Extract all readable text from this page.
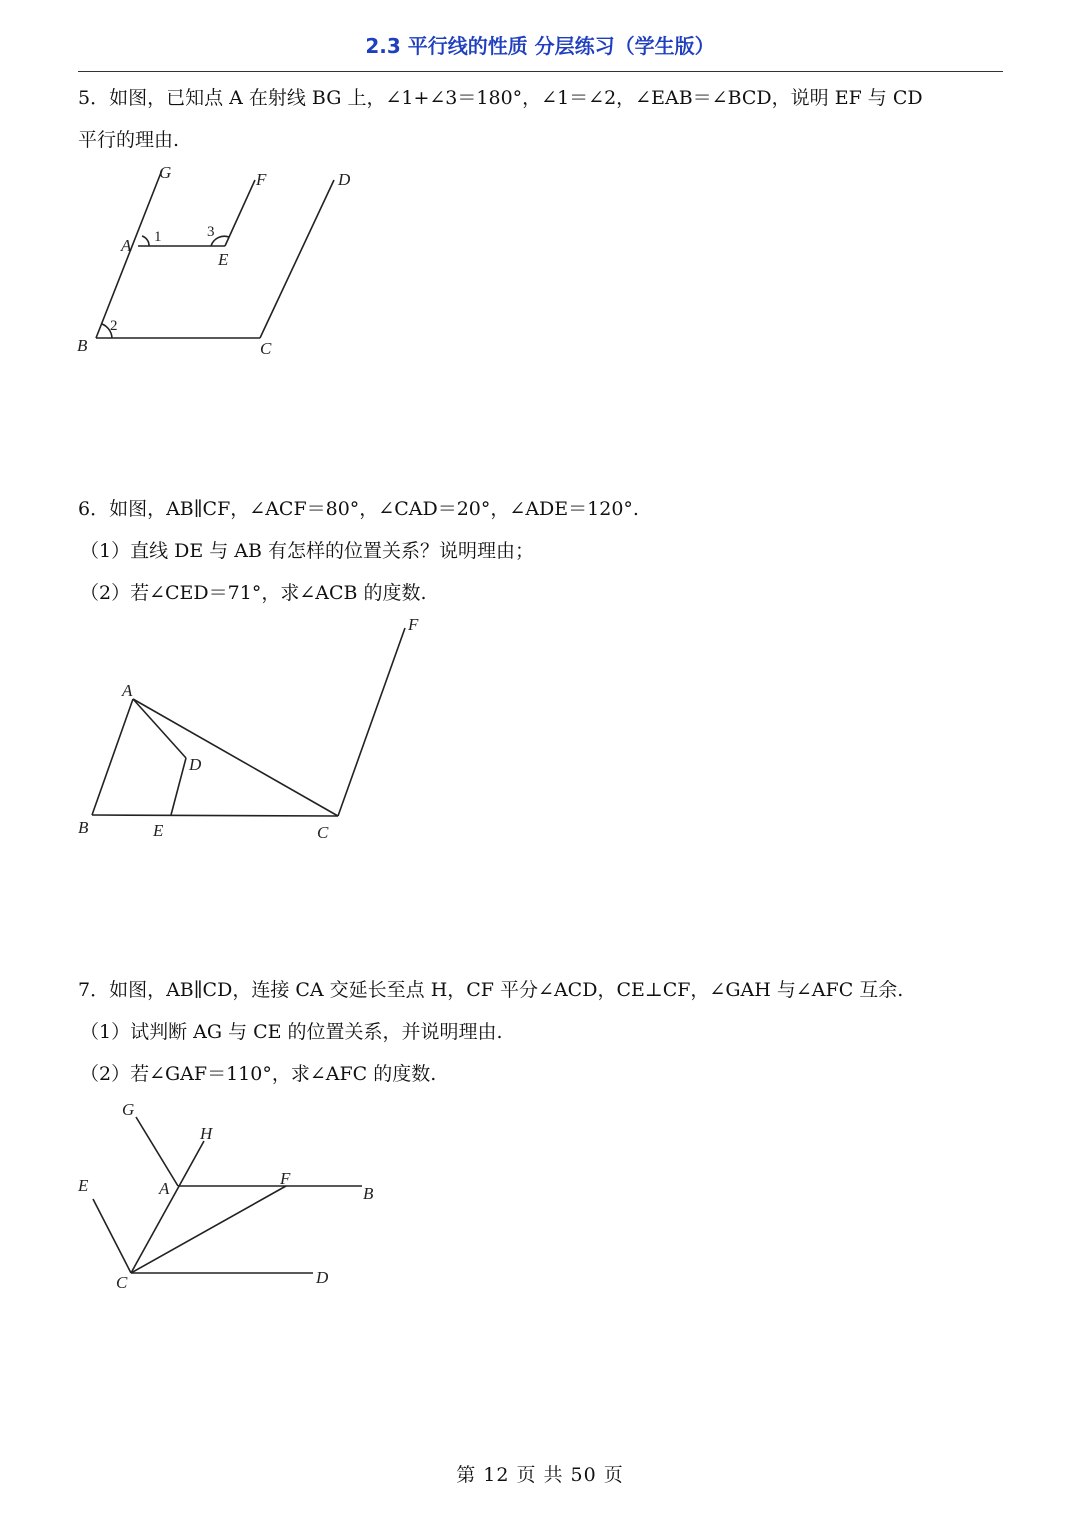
2.3 平行线的性质 分层练习（学生版）
5．如图，已知点 A 在射线 BG 上，∠1+∠3＝180°，∠1＝∠2，∠EAB＝∠BCD，说明 EF 与 CD
平行的理由.
G	F	D
A
E
B	C
1	3
2
6．如图，AB∥CF，∠ACF＝80°，∠CAD＝20°，∠ADE＝120°.
（1）直线 DE 与 AB 有怎样的位置关系？说明理由；
（2）若∠CED＝71°，求∠ACB 的度数.
F
A
D
B	E	C
7．如图，AB∥CD，连接 CA 交延长至点 H，CF 平分∠ACD，CE⊥CF，∠GAH 与∠AFC 互余.
（1）试判断 AG 与 CE 的位置关系，并说明理由.
（2）若∠GAF＝110°，求∠AFC 的度数.
G
H
E	A
F
B
C	D
第 12 页 共 50 页
